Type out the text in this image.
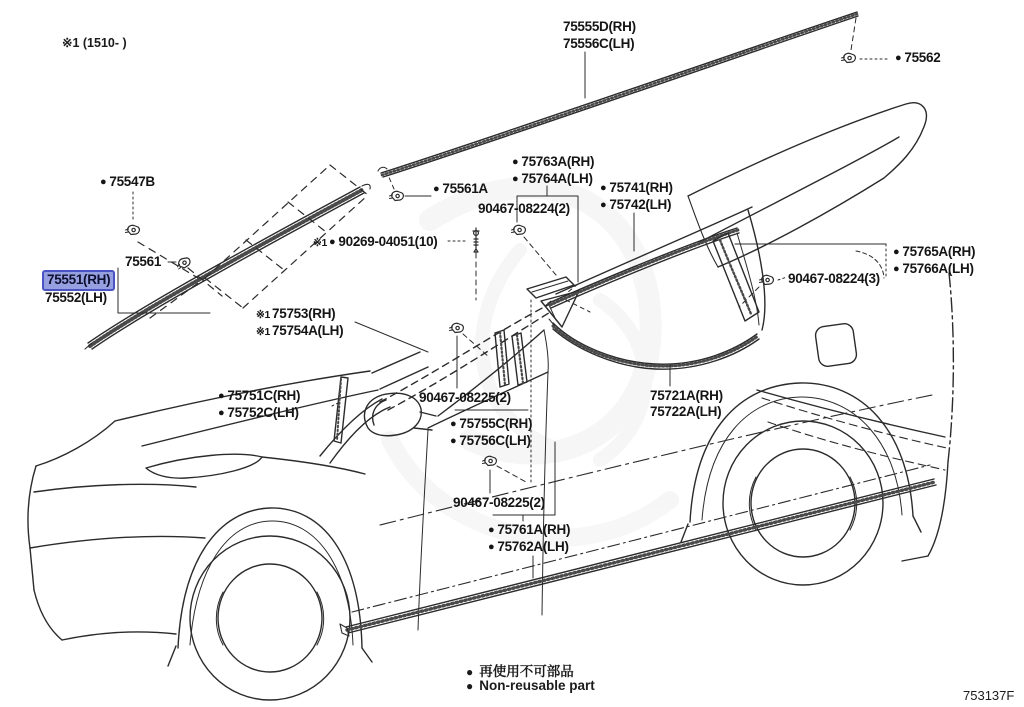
※1 (1510- )
75555D(RH)
75556C(LH)
● 75562
● 75547B
75561
75551(RH)
75552(LH)
※1 75753(RH)
※1 75754A(LH)
● 75751C(RH)
● 75752C(LH)
● 75561A
※1 ● 90269-04051(10)
● 75763A(RH)
● 75764A(LH)
90467-08224(2)
● 75741(RH)
● 75742(LH)
● 75765A(RH)
● 75766A(LH)
90467-08224(3)
90467-08225(2)
● 75755C(RH)
● 75756C(LH)
90467-08225(2)
● 75761A(RH)
● 75762A(LH)
75721A(RH)
75722A(LH)
● 再使用不可部品
● Non-reusable part
753137F
